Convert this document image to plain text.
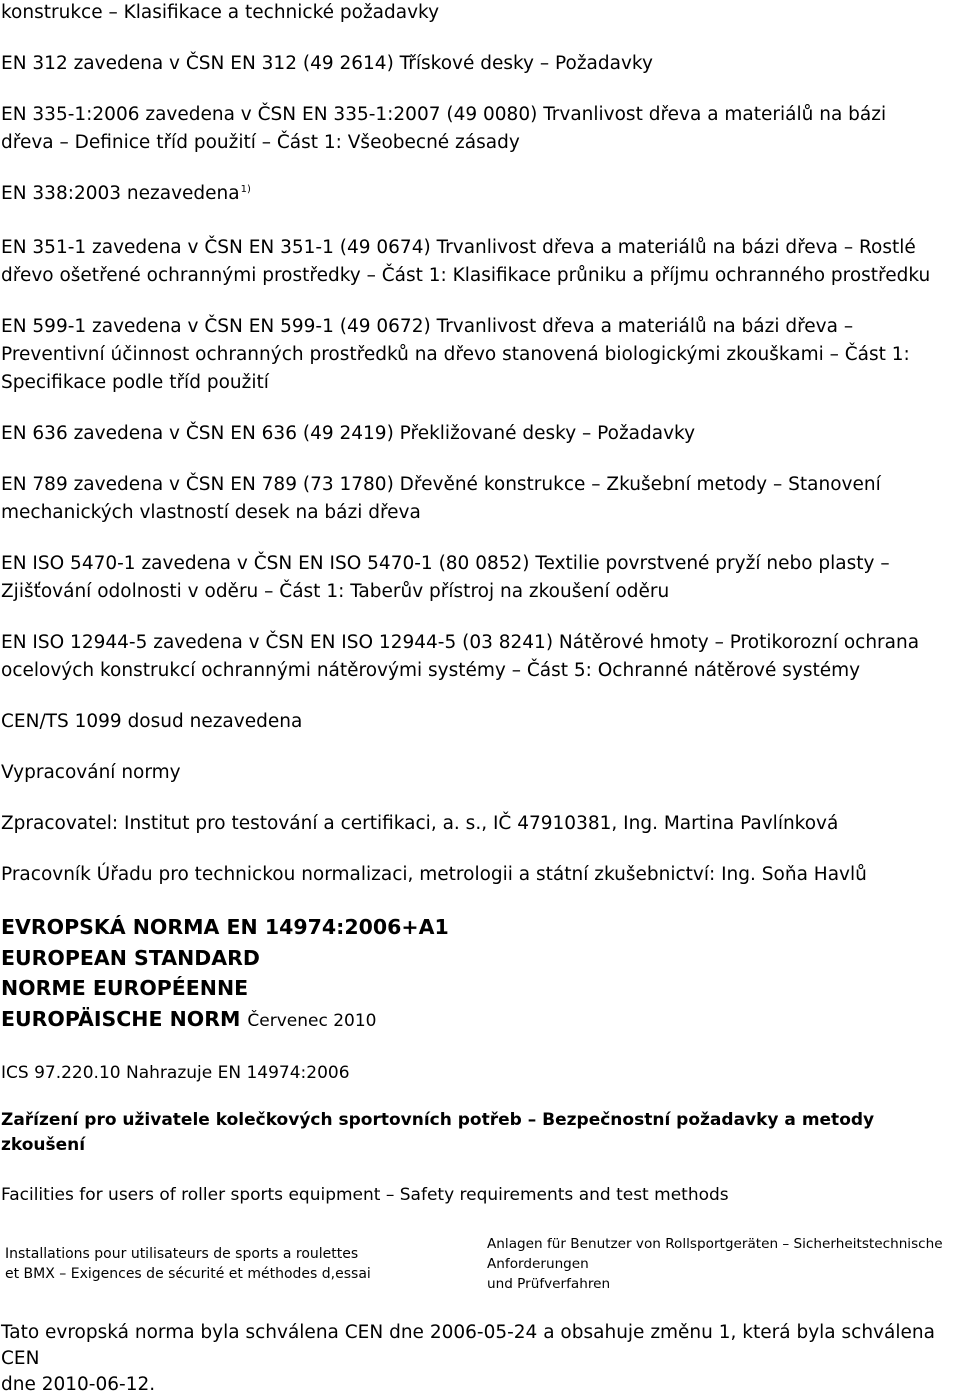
konstrukce – Klasifikace a technické požadavky
EN 312 zavedena v ČSN EN 312 (49 2614) Třískové desky – Požadavky
EN 335-1:2006 zavedena v ČSN EN 335-1:2007 (49 0080) Trvanlivost dřeva a materiálů na bázi
dřeva – Definice tříd použití – Část 1: Všeobecné zásady
EN 338:2003 nezavedena$^{1)}$
EN 351-1 zavedena v ČSN EN 351-1 (49 0674) Trvanlivost dřeva a materiálů na bázi dřeva – Rostlé
dřevo ošetřené ochrannými prostředky – Část 1: Klasifikace průniku a příjmu ochranného prostředku
EN 599-1 zavedena v ČSN EN 599-1 (49 0672) Trvanlivost dřeva a materiálů na bázi dřeva –
Preventivní účinnost ochranných prostředků na dřevo stanovená biologickými zkouškami – Část 1:
Specifikace podle tříd použití
EN 636 zavedena v ČSN EN 636 (49 2419) Překližované desky – Požadavky
EN 789 zavedena v ČSN EN 789 (73 1780) Dřevěné konstrukce – Zkušební metody – Stanovení
mechanických vlastností desek na bázi dřeva
EN ISO 5470-1 zavedena v ČSN EN ISO 5470-1 (80 0852) Textilie povrstvené pryží nebo plasty –
Zjišťování odolnosti v oděru – Část 1: Taberův přístroj na zkoušení oděru
EN ISO 12944-5 zavedena v ČSN EN ISO 12944-5 (03 8241) Nátěrové hmoty – Protikorozní ochrana
ocelových konstrukcí ochrannými nátěrovými systémy – Část 5: Ochranné nátěrové systémy
CEN/TS 1099 dosud nezavedena
Vypracování normy
Zpracovatel: Institut pro testování a certifikaci, a. s., IČ 47910381, Ing. Martina Pavlínková
Pracovník Úřadu pro technickou normalizaci, metrologii a státní zkušebnictví: Ing. Soňa Havlů
EVROPSKÁ NORMA EN 14974:2006+A1
EUROPEAN STANDARD
NORME EUROPÉENNE
EUROPÄISCHE NORM Červenec 2010
ICS 97.220.10 Nahrazuje EN 14974:2006
Zařízení pro uživatele kolečkových sportovních potřeb – Bezpečnostní požadavky a metody
zkoušení
Facilities for users of roller sports equipment – Safety requirements and test methods
Installations pour utilisateurs de sports a roulettes
et BMX – Exigences de sécurité et méthodes d,essai
Anlagen für Benutzer von Rollsportgeräten – Sicherheitstechnische
Anforderungen
und Prüfverfahren
Tato evropská norma byla schválena CEN dne 2006-05-24 a obsahuje změnu 1, která byla schválena
CEN
dne 2010-06-12.
